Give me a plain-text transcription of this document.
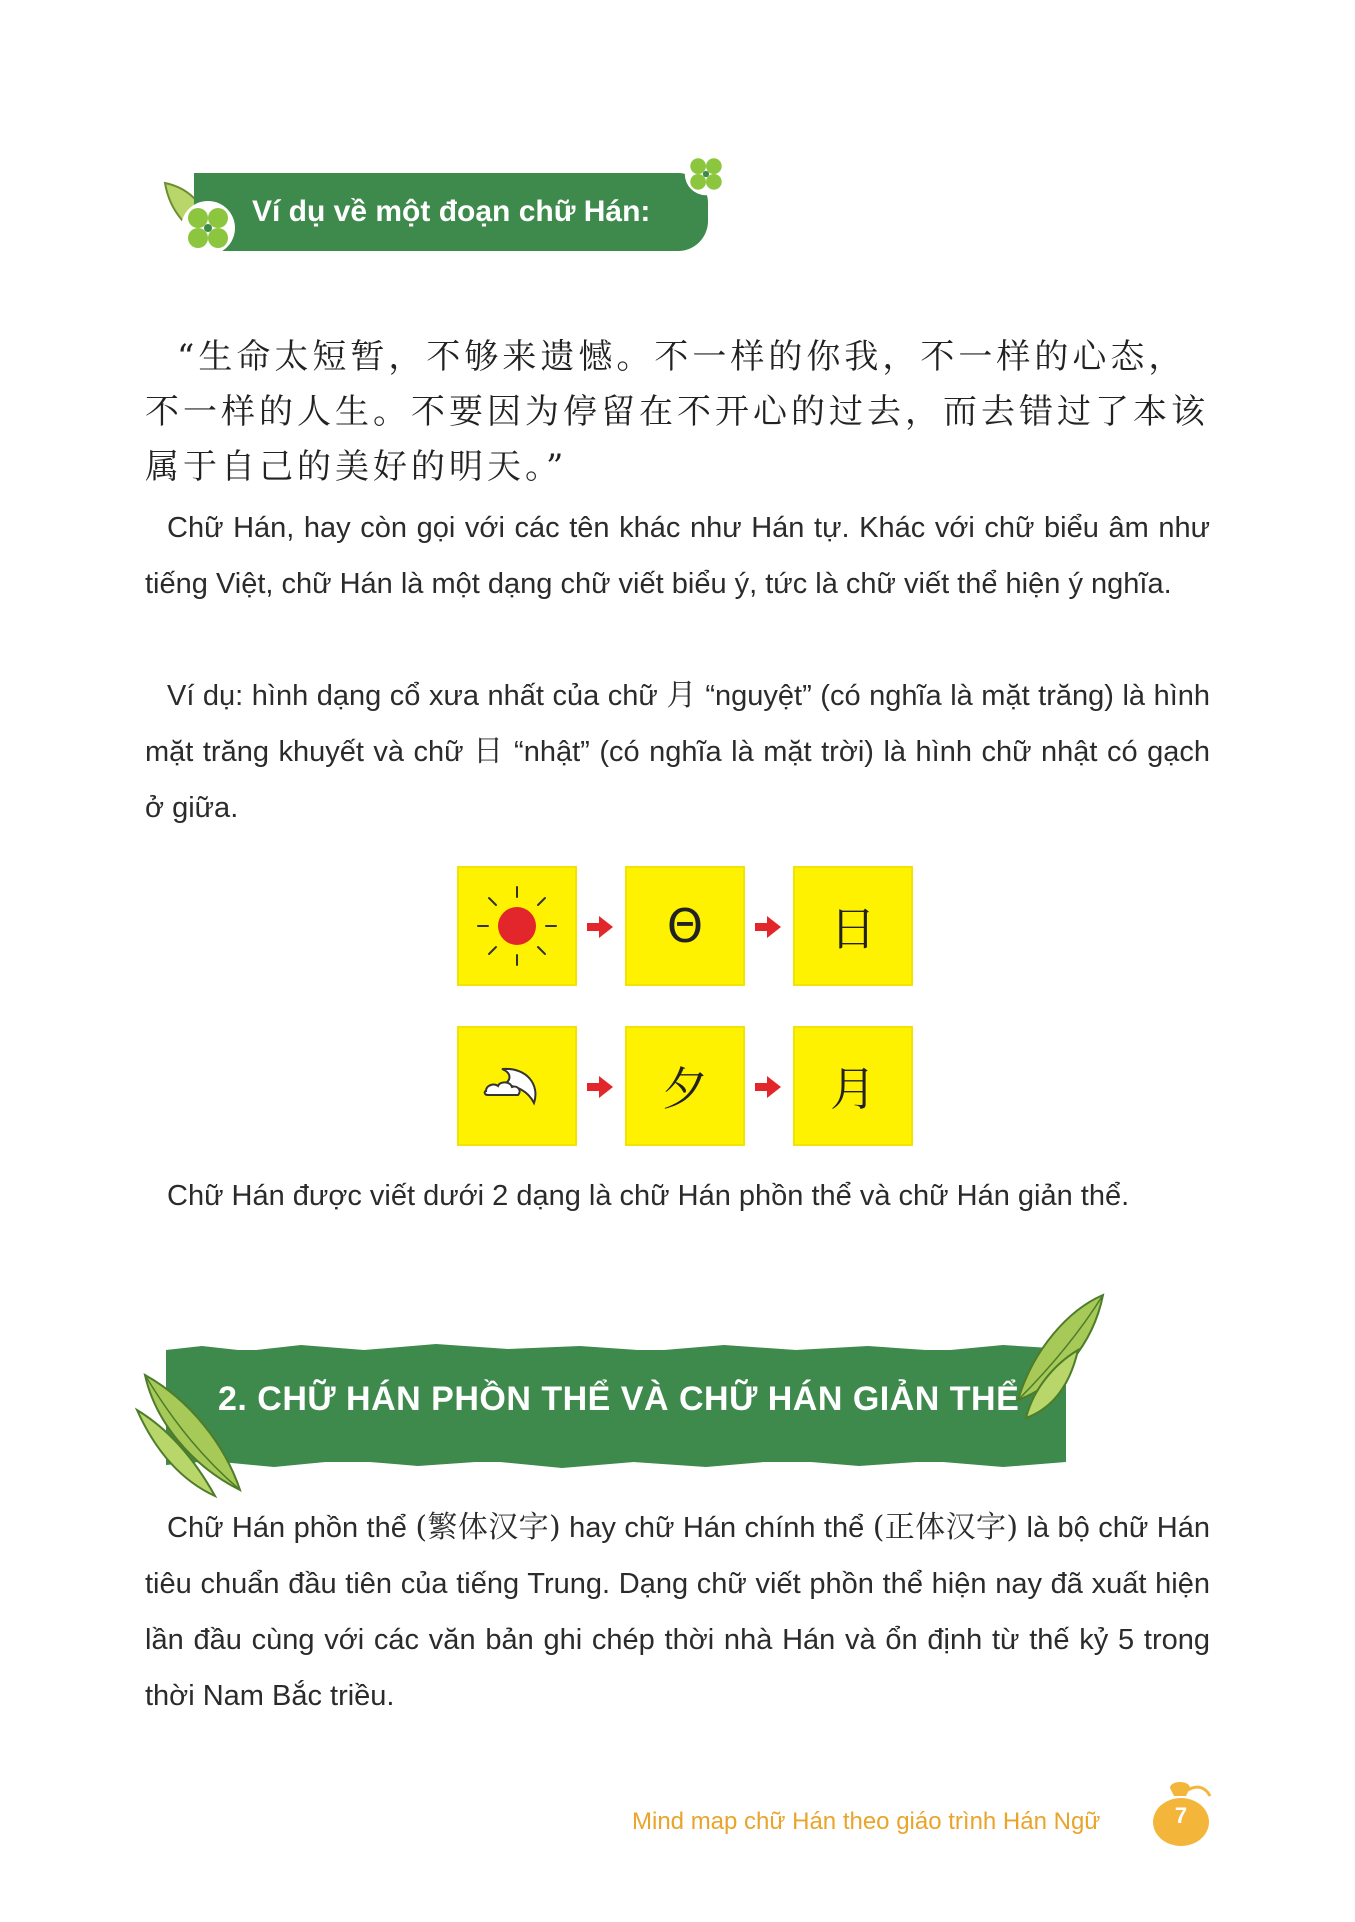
Ví dụ về một đoạn chữ Hán:
“生命太短暂，不够来遗憾。不一样的你我，不一样的心态，不一样的人生。不要因为停留在不开心的过去，而去错过了本该属于自己的美好的明天。”
Chữ Hán, hay còn gọi với các tên khác như Hán tự. Khác với chữ biểu âm như tiếng Việt, chữ Hán là một dạng chữ viết biểu ý, tức là chữ viết thể hiện ý nghĩa.
Ví dụ: hình dạng cổ xưa nhất của chữ 月 “nguyệt” (có nghĩa là mặt trăng) là hình mặt trăng khuyết và chữ 日 “nhật” (có nghĩa là mặt trời) là hình chữ nhật có gạch ở giữa.
Θ	日
夕	月
Chữ Hán được viết dưới 2 dạng là chữ Hán phồn thể và chữ Hán giản thể.
2. CHỮ HÁN PHỒN THỂ VÀ CHỮ HÁN GIẢN THỂ
Chữ Hán phồn thể (繁体汉字) hay chữ Hán chính thể (正体汉字) là bộ chữ Hán tiêu chuẩn đầu tiên của tiếng Trung. Dạng chữ viết phồn thể hiện nay đã xuất hiện lần đầu cùng với các văn bản ghi chép thời nhà Hán và ổn định từ thế kỷ 5 trong thời Nam Bắc triều.
Mind map chữ Hán theo giáo trình Hán Ngữ	7
